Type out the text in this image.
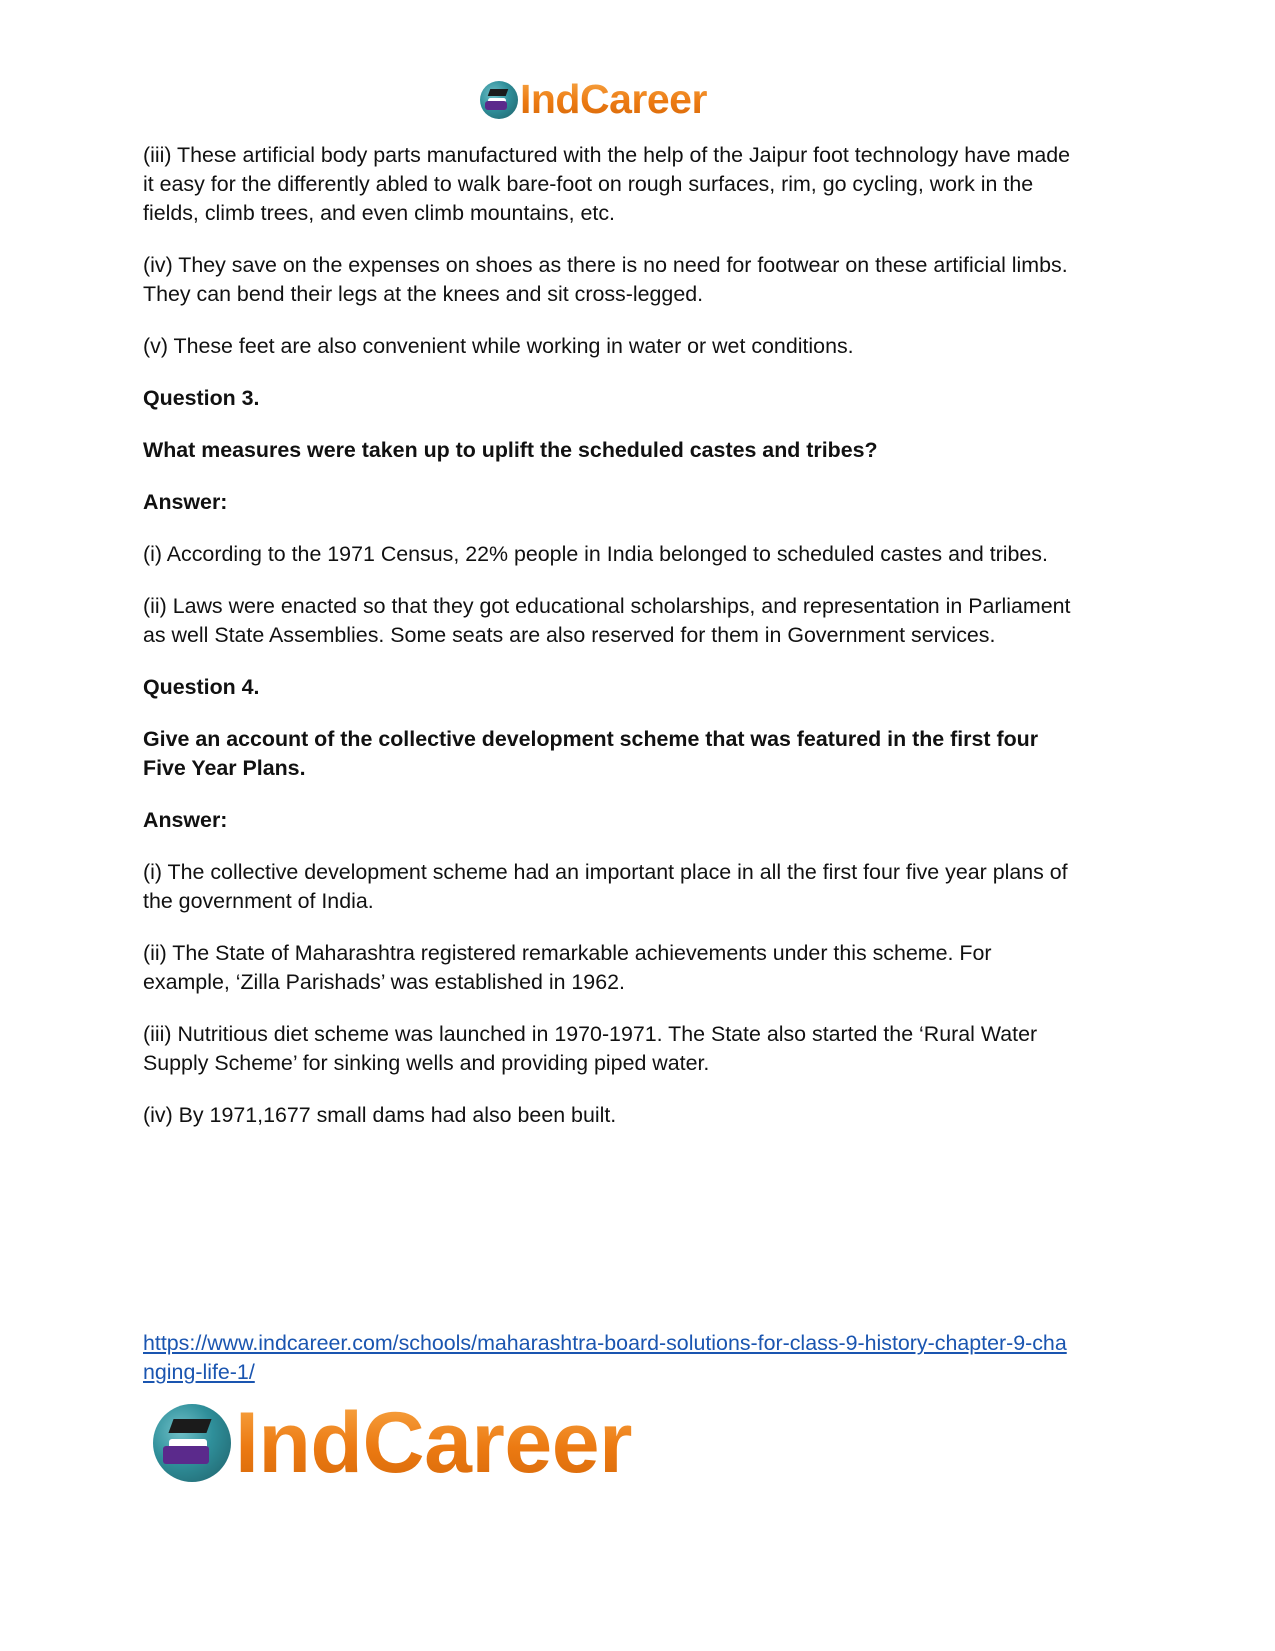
IndCareer

(iii) These artificial body parts manufactured with the help of the Jaipur foot technology have made it easy for the differently abled to walk bare-foot on rough surfaces, rim, go cycling, work in the fields, climb trees, and even climb mountains, etc.

(iv) They save on the expenses on shoes as there is no need for footwear on these artificial limbs. They can bend their legs at the knees and sit cross-legged.

(v) These feet are also convenient while working in water or wet conditions.

Question 3.

What measures were taken up to uplift the scheduled castes and tribes?

Answer:

(i) According to the 1971 Census, 22% people in India belonged to scheduled castes and tribes.

(ii) Laws were enacted so that they got educational scholarships, and representation in Parliament as well State Assemblies. Some seats are also reserved for them in Government services.

Question 4.

Give an account of the collective development scheme that was featured in the first four Five Year Plans.

Answer:

(i) The collective development scheme had an important place in all the first four five year plans of the government of India.

(ii) The State of Maharashtra registered remarkable achievements under this scheme. For example, ‘Zilla Parishads’ was established in 1962.

(iii) Nutritious diet scheme was launched in 1970-1971. The State also started the ‘Rural Water Supply Scheme’ for sinking wells and providing piped water.

(iv) By 1971,1677 small dams had also been built.

https://www.indcareer.com/schools/maharashtra-board-solutions-for-class-9-history-chapter-9-changing-life-1/
IndCareer
